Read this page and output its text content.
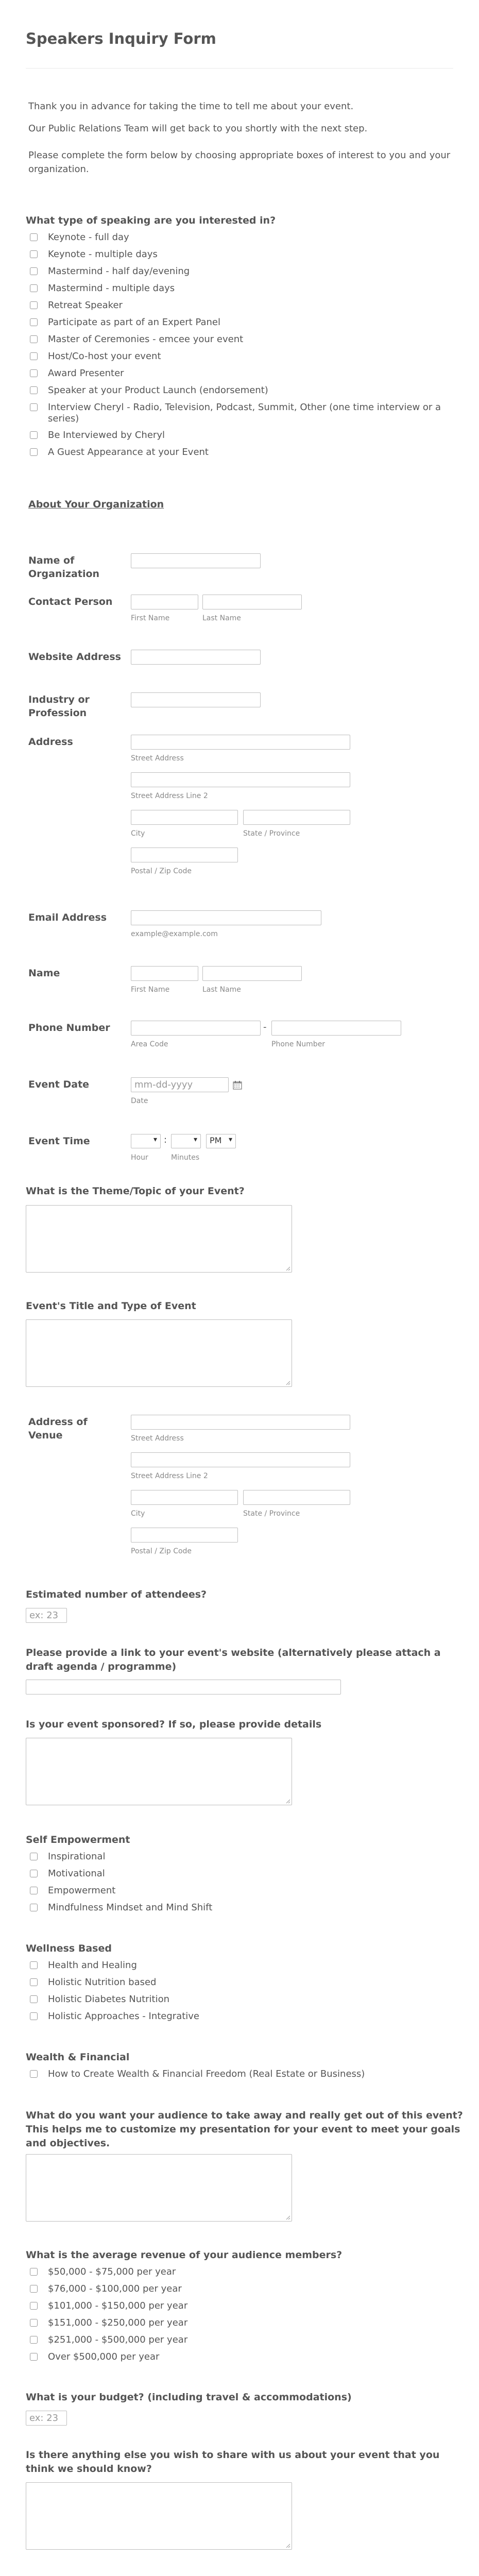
Speakers Inquiry Form
Thank you in advance for taking the time to tell me about your event.
Our Public Relations Team will get back to you shortly with the next step.
Please complete the form below by choosing appropriate boxes of interest to you and your organization.
What type of speaking are you interested in?
Keynote - full day
Keynote - multiple days
Mastermind - half day/evening
Mastermind - multiple days
Retreat Speaker
Participate as part of an Expert Panel
Master of Ceremonies - emcee your event
Host/Co-host your event
Award Presenter
Speaker at your Product Launch (endorsement)
Interview Cheryl - Radio, Television, Podcast, Summit, Other (one time interview or a series)
Be Interviewed by Cheryl
A Guest Appearance at your Event
About Your Organization
Name of Organization
Contact Person
First Name	Last Name
Website Address
Industry or Profession
Address
Street Address
Street Address Line 2
City	State / Province
Postal / Zip Code
Email Address
example@example.com
Name
First Name	Last Name
Phone Number	-
Area Code	Phone Number
Event Date	mm-dd-yyyy
Date
Event Time	▾ :	▾	PM ▾
Hour	Minutes
What is the Theme/Topic of your Event?
Event's Title and Type of Event
Address of Venue	Street Address
Street Address Line 2
City	State / Province
Postal / Zip Code
Estimated number of attendees?
ex: 23
Please provide a link to your event's website (alternatively please attach a draft agenda / programme)
Is your event sponsored? If so, please provide details
Self Empowerment
Inspirational
Motivational
Empowerment
Mindfulness Mindset and Mind Shift
Wellness Based
Health and Healing
Holistic Nutrition based
Holistic Diabetes Nutrition
Holistic Approaches - Integrative
Wealth & Financial
How to Create Wealth & Financial Freedom (Real Estate or Business)
What do you want your audience to take away and really get out of this event? This helps me to customize my presentation for your event to meet your goals and objectives.
What is the average revenue of your audience members?
$50,000 - $75,000 per year
$76,000 - $100,000 per year
$101,000 - $150,000 per year
$151,000 - $250,000 per year
$251,000 - $500,000 per year
Over $500,000 per year
What is your budget? (including travel & accommodations)
ex: 23
Is there anything else you wish to share with us about your event that you think we should know?
